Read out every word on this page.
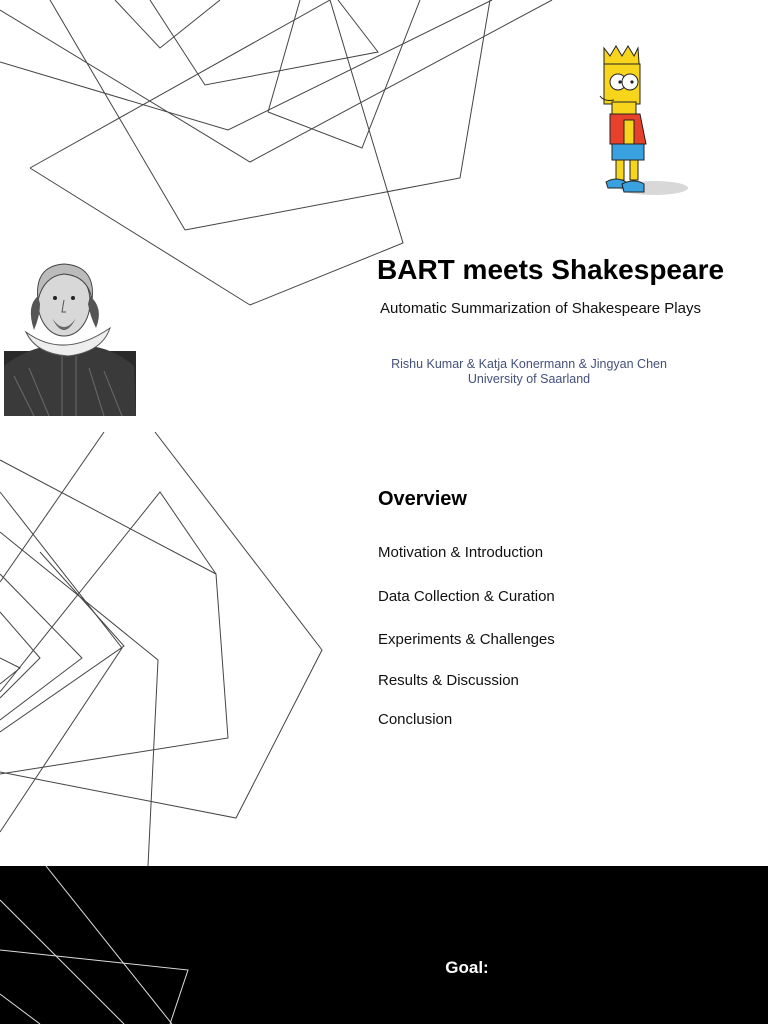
BART meets Shakespeare

Automatic Summarization of Shakespeare Plays

Rishu Kumar & Katja Konermann & Jingyan Chen
University of Saarland
Overview
Motivation & Introduction
Data Collection & Curation
Experiments & Challenges
Results & Discussion
Conclusion
Goal:
